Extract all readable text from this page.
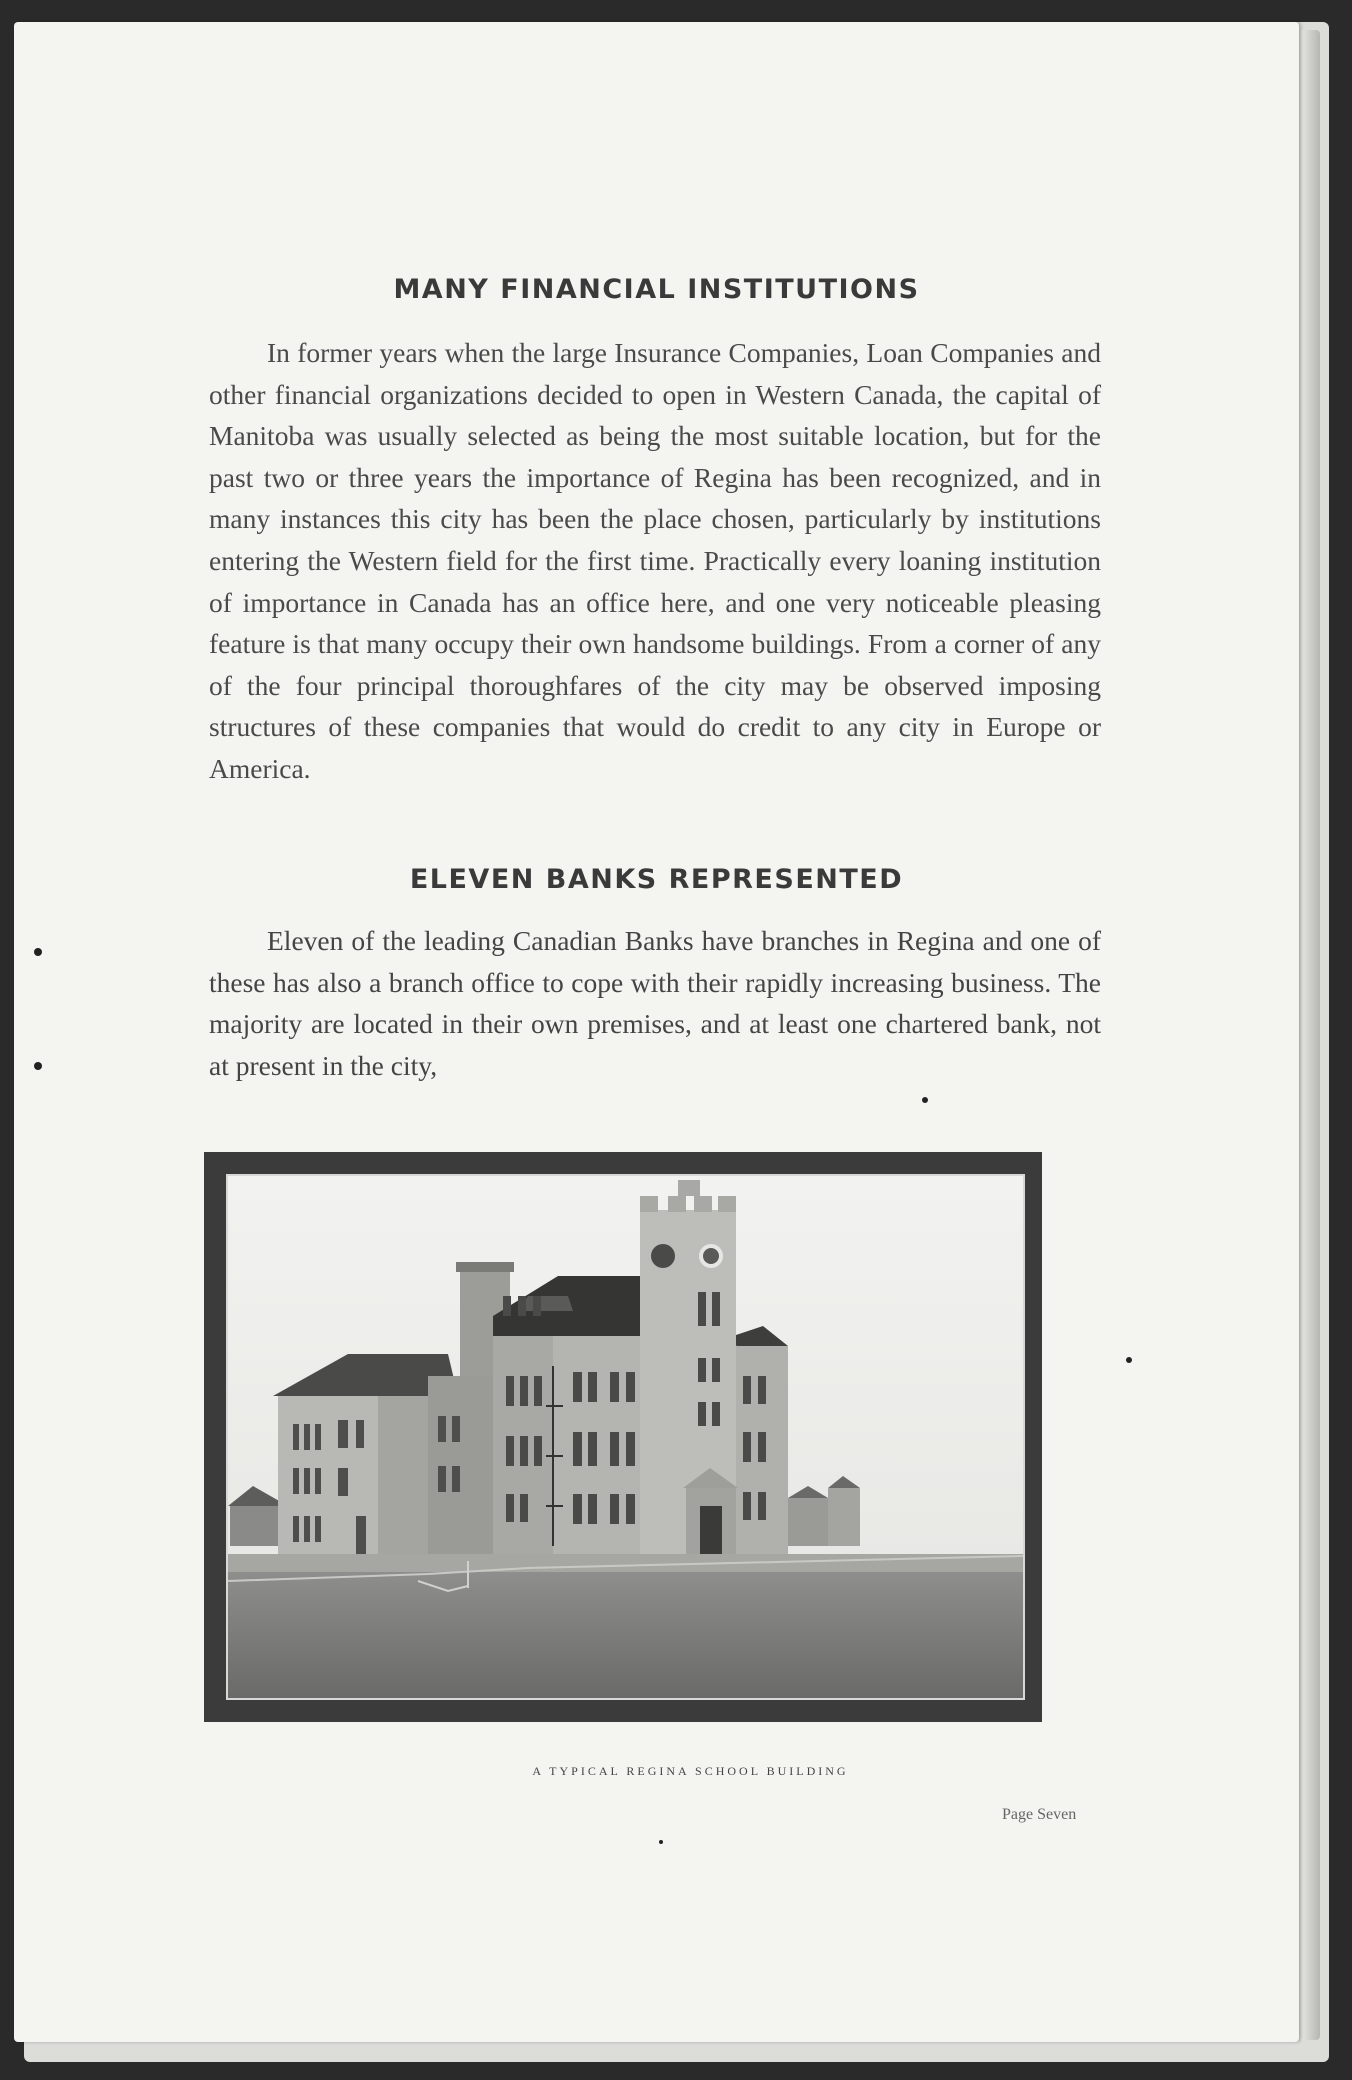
MANY FINANCIAL INSTITUTIONS

In former years when the large Insurance Companies, Loan Companies and other financial organizations decided to open in Western Canada, the capital of Manitoba was usually selected as being the most suitable location, but for the past two or three years the importance of Regina has been recognized, and in many instances this city has been the place chosen, particularly by institutions entering the Western field for the first time. Practically every loaning institution of importance in Canada has an office here, and one very noticeable pleasing feature is that many occupy their own handsome buildings. From a corner of any of the four principal thoroughfares of the city may be observed imposing structures of these companies that would do credit to any city in Europe or America.

ELEVEN BANKS REPRESENTED

Eleven of the leading Canadian Banks have branches in Regina and one of these has also a branch office to cope with their rapidly increasing business. The majority are located in their own premises, and at least one chartered bank, not at present in the city,

A TYPICAL REGINA SCHOOL BUILDING

Page Seven
